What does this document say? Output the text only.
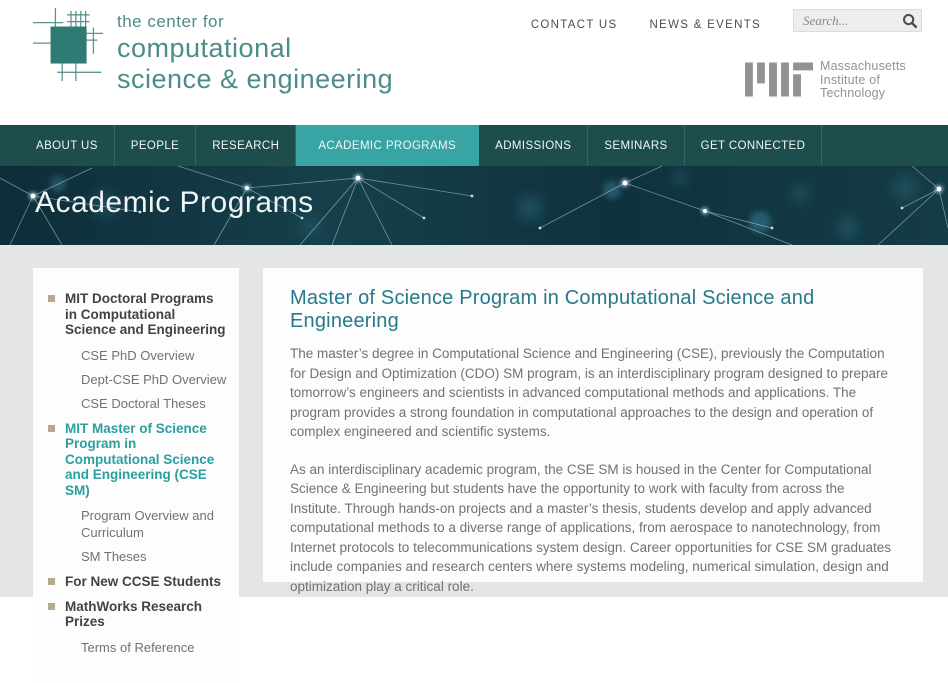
the center for
computational
science & engineering
CONTACT US	NEWS & EVENTS
Search...
Massachusetts
Institute of
Technology
ABOUT US	PEOPLE	RESEARCH	ACADEMIC PROGRAMS	ADMISSIONS	SEMINARS	GET CONNECTED
Academic Programs
MIT Doctoral Programs in Computational Science and Engineering
CSE PhD Overview
Dept-CSE PhD Overview
CSE Doctoral Theses
MIT Master of Science Program in Computational Science and Engineering (CSE SM)
Program Overview and Curriculum
SM Theses
For New CCSE Students
MathWorks Research Prizes
Terms of Reference
Master of Science Program in Computational Science and Engineering

The master’s degree in Computational Science and Engineering (CSE), previously the Computation for Design and Optimization (CDO) SM program, is an interdisciplinary program designed to prepare tomorrow’s engineers and scientists in advanced computational methods and applications. The program provides a strong foundation in computational approaches to the design and operation of complex engineered and scientific systems.

As an interdisciplinary academic program, the CSE SM is housed in the Center for Computational Science & Engineering but students have the opportunity to work with faculty from across the Institute. Through hands-on projects and a master’s thesis, students develop and apply advanced computational methods to a diverse range of applications, from aerospace to nanotechnology, from Internet protocols to telecommunications system design. Career opportunities for CSE SM graduates include companies and research centers where systems modeling, numerical simulation, design and optimization play a critical role.
